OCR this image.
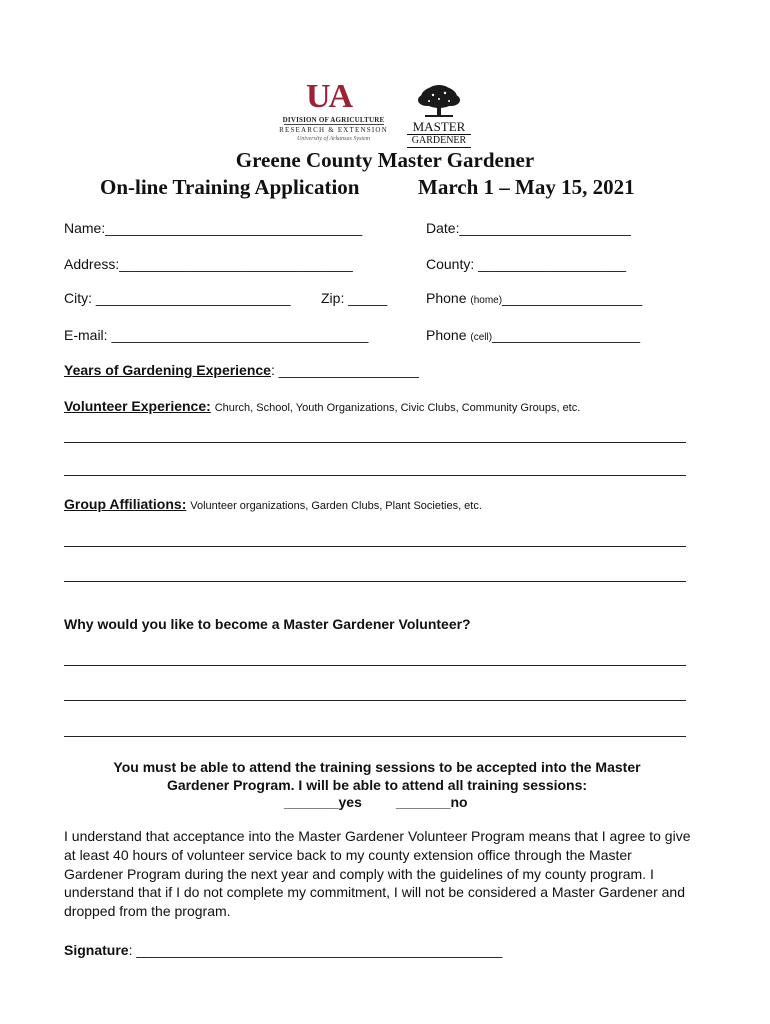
UA
DIVISION OF AGRICULTURE
RESEARCH & EXTENSION
University of Arkansas System
MASTER
GARDENER
Greene County Master Gardener
On-line Training Application	March 1 – May 15, 2021
Name:_________________________________	Date:______________________
Address:______________________________	County: ___________________
City: _________________________ Zip: _____	Phone (home)__________________
E-mail: _________________________________	Phone (cell)___________________
Years of Gardening Experience: __________________
Volunteer Experience: Church, School, Youth Organizations, Civic Clubs, Community Groups, etc.
Group Affiliations: Volunteer organizations, Garden Clubs, Plant Societies, etc.
Why would you like to become a Master Gardener Volunteer?
You must be able to attend the training sessions to be accepted into the Master
Gardener Program. I will be able to attend all training sessions:
_______yes _______no
I understand that acceptance into the Master Gardener Volunteer Program means that I agree to give at least 40 hours of volunteer service back to my county extension office through the Master Gardener Program during the next year and comply with the guidelines of my county program. I understand that if I do not complete my commitment, I will not be considered a Master Gardener and dropped from the program.
Signature: _______________________________________________
